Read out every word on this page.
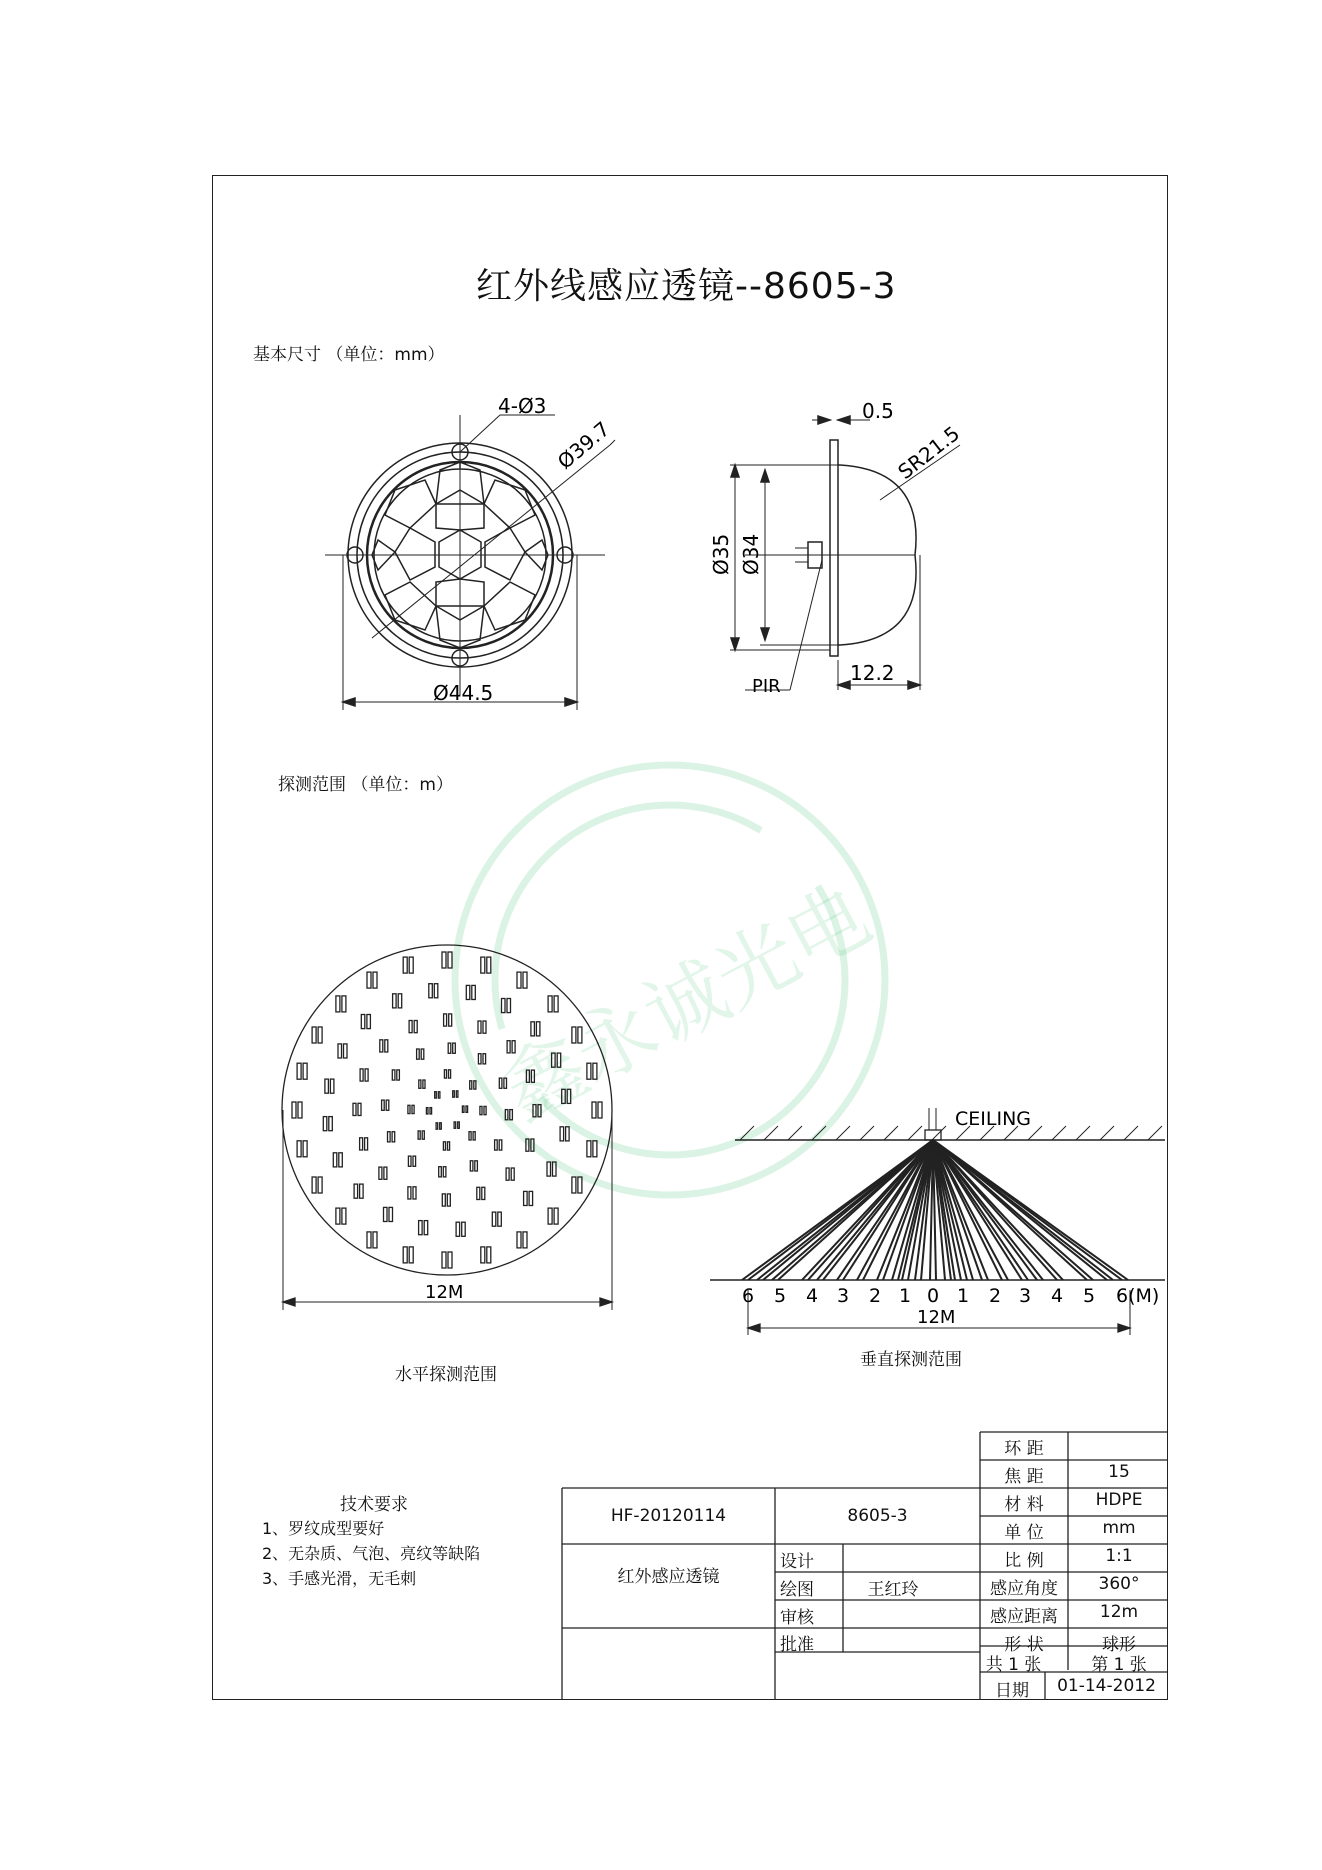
红外线感应透镜--8605-3
基本尺寸 （单位：mm）
探测范围 （单位：m）
鑫永诚光电
4-Ø3
Ø39.7
Ø44.5
0.5
SR21.5
Ø35 Ø34
PIR
12.2
12M
CEILING
6 5 4 3 2 1 0 1 2 3 4 5 6(M)
12M
水平探测范围
垂直探测范围
技术要求
1、罗纹成型要好
2、无杂质、气泡、亮纹等缺陷
3、手感光滑，无毛刺
HF-20120114	8605-3
红外感应透镜
设计
绘图	王红玲
审核
批准
环 距
焦 距	15
材 料	HDPE
单 位	mm
比 例	1:1
感应角度	360°
感应距离	12m
形 状	球形
共 1 张	第 1 张
日期	01-14-2012
